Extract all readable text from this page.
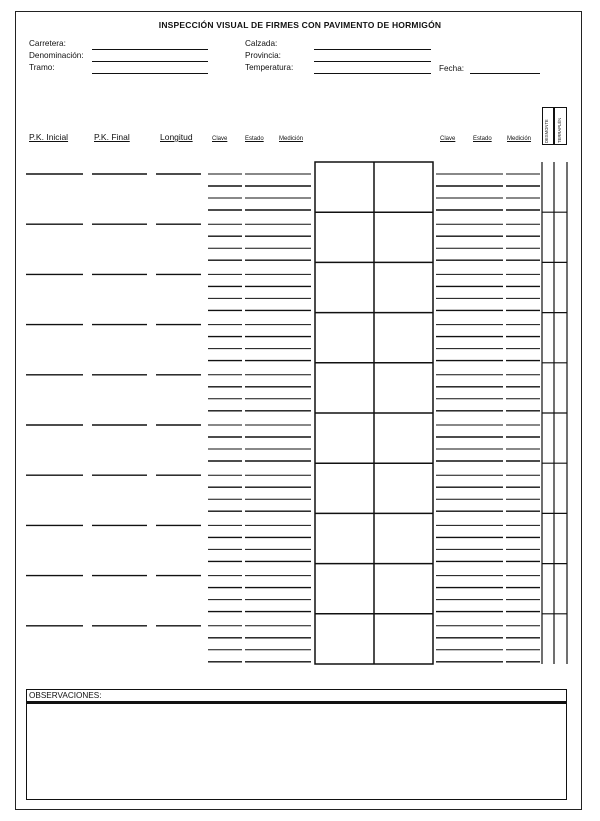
INSPECCIÓN VISUAL DE FIRMES CON PAVIMENTO DE HORMIGÓN
Carretera:
Denominación:
Tramo:
Calzada:
Provincia:
Temperatura:	Fecha:
P.K. Inicial	P.K. Final	Longitud	Clave	Estado	Medición	Clave	Estado	Medición	DESMONTE TERRAPLÉN
OBSERVACIONES:
